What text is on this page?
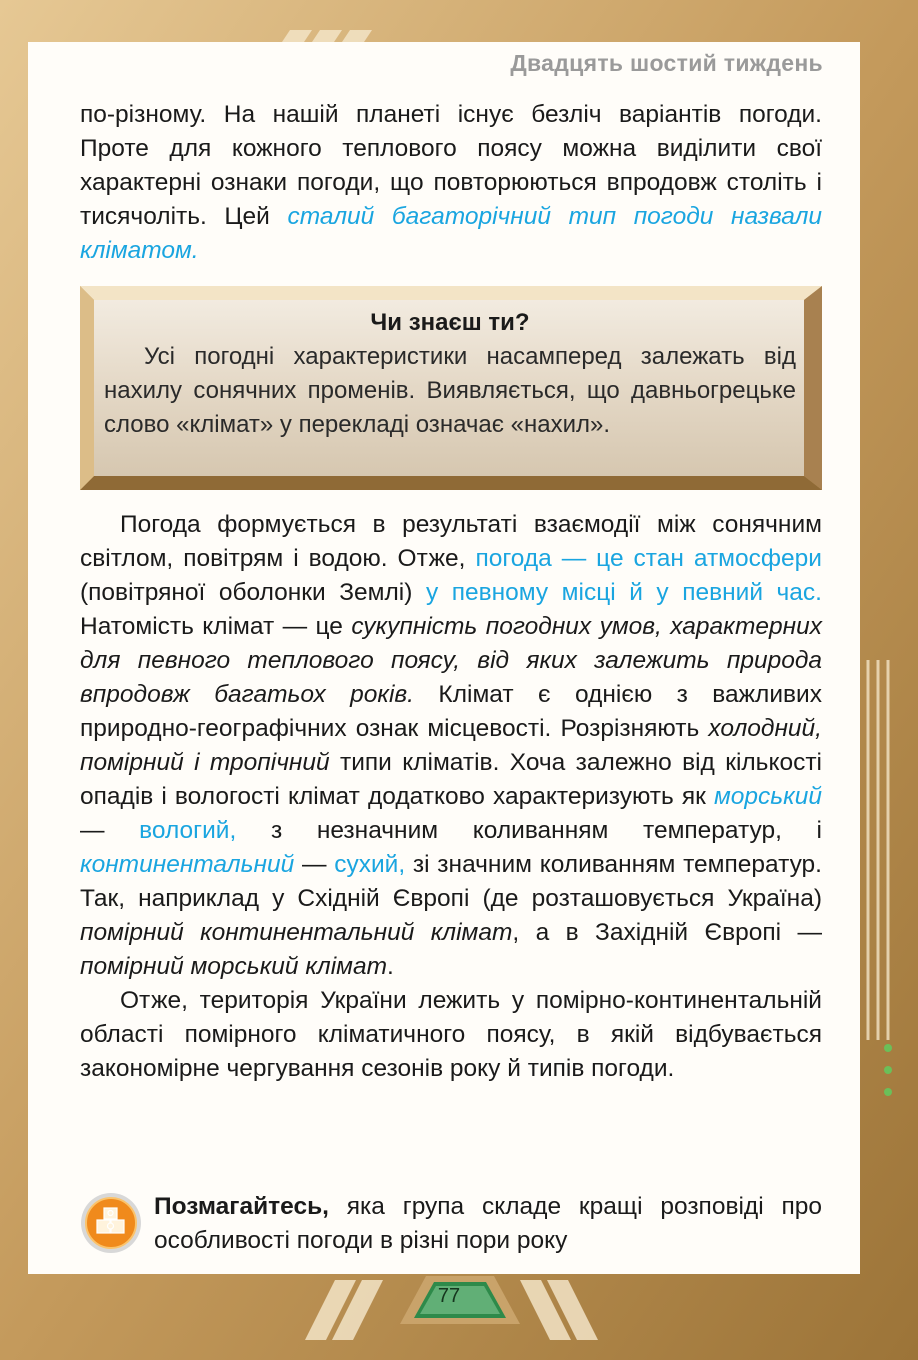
Двадцять шостий тиждень

по-різному. На нашій планеті існує безліч варіантів погоди. Проте для кожного теплового поясу можна виділити свої характерні ознаки погоди, що повторюються впродовж століть і тисячоліть. Цей сталий багаторічний тип погоди назвали кліматом.

Чи знаєш ти?

Усі погодні характеристики насамперед залежать від нахилу сонячних променів. Виявляється, що давньогрецьке слово «клімат» у перекладі означає «нахил».

Погода формується в результаті взаємодії між сонячним світлом, повітрям і водою. Отже, погода — це стан атмосфери (повітряної оболонки Землі) у певному місці й у певний час. Натомість клімат — це сукупність погодних умов, характерних для певного теплового поясу, від яких залежить природа впродовж багатьох років. Клімат є однією з важливих природно-географічних ознак місцевості. Розрізняють холодний, помірний і тропічний типи кліматів. Хоча залежно від кількості опадів і вологості клімат додатково характеризують як морський — вологий, з незначним коливанням температур, і континентальний — сухий, зі значним коливанням температур. Так, наприклад у Східній Європі (де розташовується Україна) помірний континентальний клімат, а в Західній Європі — помірний морський клімат.

Отже, територія України лежить у помірно-континентальній області помірного кліматичного поясу, в якій відбувається закономірне чергування сезонів року й типів погоди.

Позмагайтесь, яка група складе кращі розповіді про особливості погоди в різні пори року

77
